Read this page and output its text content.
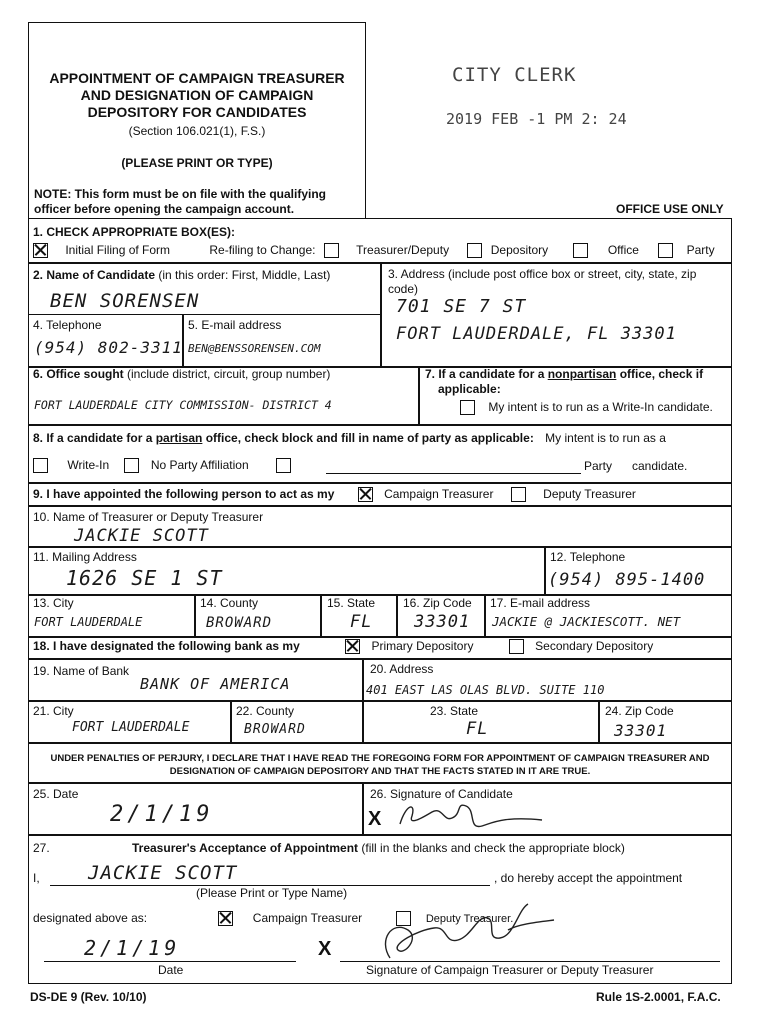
APPOINTMENT OF CAMPAIGN TREASURER
AND DESIGNATION OF CAMPAIGN
DEPOSITORY FOR CANDIDATES
(Section 106.021(1), F.S.)
(PLEASE PRINT OR TYPE)
NOTE: This form must be on file with the qualifying officer before opening the campaign account.
CITY CLERK
2019 FEB -1 PM 2: 24
OFFICE USE ONLY
1. CHECK APPROPRIATE BOX(ES):
Initial Filing of Form	Re-filing to Change:	Treasurer/Deputy	Depository	Office	Party
2. Name of Candidate (in this order: First, Middle, Last)
BEN SORENSEN
3. Address (include post office box or street, city, state, zip code)
701 SE 7 ST
FORT LAUDERDALE, FL 33301
4. Telephone
(954) 802-3311
5. E-mail address
BEN@BENSSORENSEN.COM
6. Office sought (include district, circuit, group number)
FORT LAUDERDALE CITY COMMISSION- DISTRICT 4
7. If a candidate for a nonpartisan office, check if
applicable:
My intent is to run as a Write-In candidate.
8. If a candidate for a partisan office, check block and fill in name of party as applicable: My intent is to run as a
Write-In	No Party Affiliation	Party candidate.
9. I have appointed the following person to act as my	Campaign Treasurer	Deputy Treasurer
10. Name of Treasurer or Deputy Treasurer
JACKIE SCOTT
11. Mailing Address
1626 SE 1 ST
12. Telephone
(954) 895-1400
13. City
FORT LAUDERDALE
14. County
BROWARD
15. State
FL
16. Zip Code
33301
17. E-mail address
JACKIE @ JACKIESCOTT. NET
18. I have designated the following bank as my	Primary Depository	Secondary Depository
19. Name of Bank
BANK OF AMERICA
20. Address
401 EAST LAS OLAS BLVD. SUITE 110
21. City
FORT LAUDERDALE
22. County
BROWARD
23. State
FL
24. Zip Code
33301
UNDER PENALTIES OF PERJURY, I DECLARE THAT I HAVE READ THE FOREGOING FORM FOR APPOINTMENT OF CAMPAIGN TREASURER AND
DESIGNATION OF CAMPAIGN DEPOSITORY AND THAT THE FACTS STATED IN IT ARE TRUE.
25. Date
2/1/19
26. Signature of Candidate
X
27.	Treasurer's Acceptance of Appointment (fill in the blanks and check the appropriate block)
I,	JACKIE SCOTT	, do hereby accept the appointment
(Please Print or Type Name)
designated above as:	Campaign Treasurer	Deputy Treasurer.
2/1/19
Date
X
Signature of Campaign Treasurer or Deputy Treasurer
DS-DE 9 (Rev. 10/10)	Rule 1S-2.0001, F.A.C.
